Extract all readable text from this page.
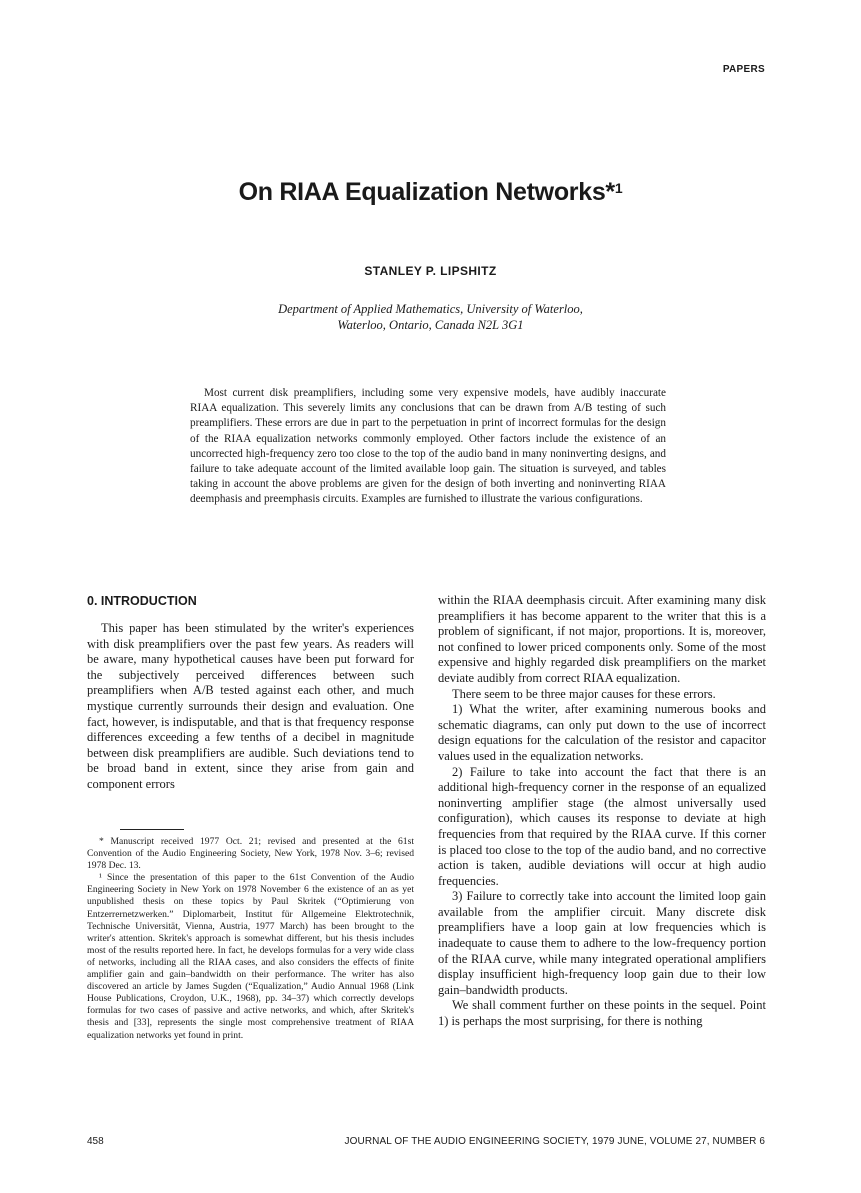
PAPERS
On RIAA Equalization Networks*$^1$
STANLEY P. LIPSHITZ
Department of Applied Mathematics, University of Waterloo,
Waterloo, Ontario, Canada N2L 3G1

Most current disk preamplifiers, including some very expensive models, have audibly inaccurate RIAA equalization. This severely limits any conclusions that can be drawn from A/B testing of such preamplifiers. These errors are due in part to the perpetuation in print of incorrect formulas for the design of the RIAA equalization networks commonly employed. Other factors include the existence of an uncorrected high-frequency zero too close to the top of the audio band in many noninverting designs, and failure to take adequate account of the limited available loop gain. The situation is surveyed, and tables taking in account the above problems are given for the design of both inverting and noninverting RIAA deemphasis and preemphasis circuits. Examples are furnished to illustrate the various configurations.

0. INTRODUCTION

This paper has been stimulated by the writer's experiences with disk preamplifiers over the past few years. As readers will be aware, many hypothetical causes have been put forward for the subjectively perceived differences between such preamplifiers when A/B tested against each other, and much mystique currently surrounds their design and evaluation. One fact, however, is indisputable, and that is that frequency response differences exceeding a few tenths of a decibel in magnitude between disk preamplifiers are audible. Such deviations tend to be broad band in extent, since they arise from gain and component errors

within the RIAA deemphasis circuit. After examining many disk preamplifiers it has become apparent to the writer that this is a problem of significant, if not major, proportions. It is, moreover, not confined to lower priced components only. Some of the most expensive and highly regarded disk preamplifiers on the market deviate audibly from correct RIAA equalization.

There seem to be three major causes for these errors.

1) What the writer, after examining numerous books and schematic diagrams, can only put down to the use of incorrect design equations for the calculation of the resistor and capacitor values used in the equalization networks.

2) Failure to take into account the fact that there is an additional high-frequency corner in the response of an equalized noninverting amplifier stage (the almost universally used configuration), which causes its response to deviate at high frequencies from that required by the RIAA curve. If this corner is placed too close to the top of the audio band, and no corrective action is taken, audible deviations will occur at high audio frequencies.

3) Failure to correctly take into account the limited loop gain available from the amplifier circuit. Many discrete disk preamplifiers have a loop gain at low frequencies which is inadequate to cause them to adhere to the low-frequency portion of the RIAA curve, while many integrated operational amplifiers display insufficient high-frequency loop gain due to their low gain–bandwidth products.

We shall comment further on these points in the sequel. Point 1) is perhaps the most surprising, for there is nothing

* Manuscript received 1977 Oct. 21; revised and presented at the 61st Convention of the Audio Engineering Society, New York, 1978 Nov. 3–6; revised 1978 Dec. 13.

¹ Since the presentation of this paper to the 61st Convention of the Audio Engineering Society in New York on 1978 November 6 the existence of an as yet unpublished thesis on these topics by Paul Skritek (“Optimierung von Entzerrernetzwerken.” Diplomarbeit, Institut für Allgemeine Elektrotechnik, Technische Universität, Vienna, Austria, 1977 March) has been brought to the writer's attention. Skritek's approach is somewhat different, but his thesis includes most of the results reported here. In fact, he develops formulas for a very wide class of networks, including all the RIAA cases, and also considers the effects of finite amplifier gain and gain–bandwidth on their performance. The writer has also discovered an article by James Sugden (“Equalization,” Audio Annual 1968 (Link House Publications, Croydon, U.K., 1968), pp. 34–37) which correctly develops formulas for two cases of passive and active networks, and which, after Skritek's thesis and [33], represents the single most comprehensive treatment of RIAA equalization networks yet found in print.

458	JOURNAL OF THE AUDIO ENGINEERING SOCIETY, 1979 JUNE, VOLUME 27, NUMBER 6
